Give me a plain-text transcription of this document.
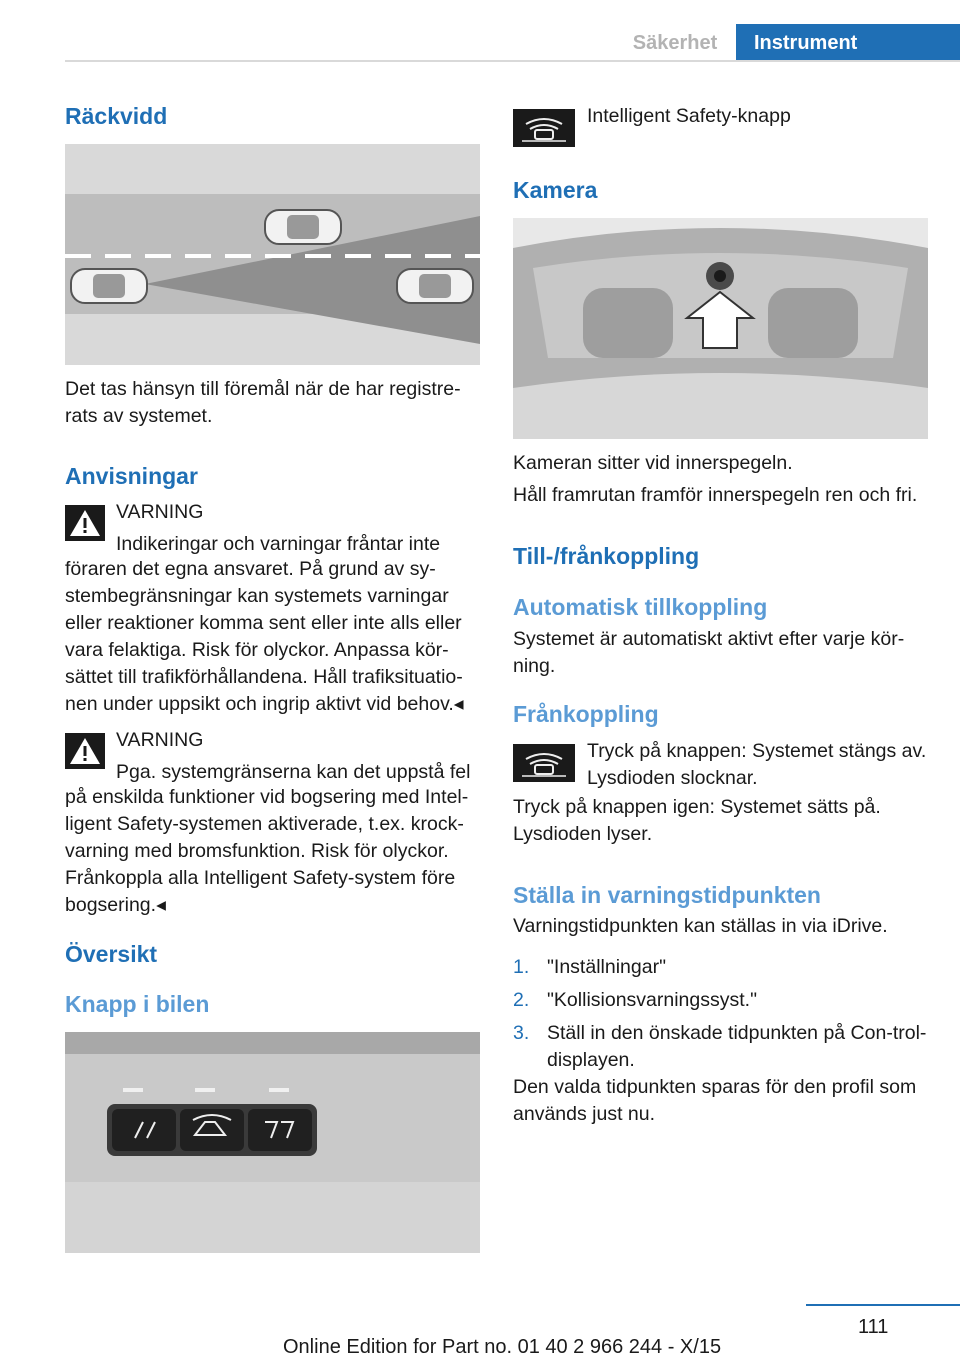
Säkerhet	Instrument
Räckvidd

Det tas hänsyn till föremål när de har registre-rats av systemet.

Anvisningar

VARNING

Indikeringar och varningar fråntar inte

föraren det egna ansvaret. På grund av sy-stembegränsningar kan systemets varningar eller reaktioner komma sent eller inte alls eller vara felaktiga. Risk för olyckor. Anpassa kör-sättet till trafikförhållandena. Håll trafiksituatio-nen under uppsikt och ingrip aktivt vid behov.◂

VARNING

Pga. systemgränserna kan det uppstå fel

på enskilda funktioner vid bogsering med Intel-ligent Safety-systemen aktiverade, t.ex. krock-varning med bromsfunktion. Risk för olyckor. Frånkoppla alla Intelligent Safety-system före bogsering.◂

Översikt
Knapp i bilen

Intelligent Safety-knapp

Kamera

Kameran sitter vid innerspegeln.

Håll framrutan framför innerspegeln ren och fri.

Till-/frånkoppling
Automatisk tillkoppling

Systemet är automatiskt aktivt efter varje kör-ning.

Frånkoppling

Tryck på knappen: Systemet stängs av. Lysdioden slocknar.

Tryck på knappen igen: Systemet sätts på. Lysdioden lyser.

Ställa in varningstidpunkten

Varningstidpunkten kan ställas in via iDrive.

1. "Inställningar"
2. "Kollisionsvarningssyst."
3. Ställ in den önskade tidpunkten på Con-trol-displayen.

Den valda tidpunkten sparas för den profil som används just nu.

111
Online Edition for Part no. 01 40 2 966 244 - X/15
